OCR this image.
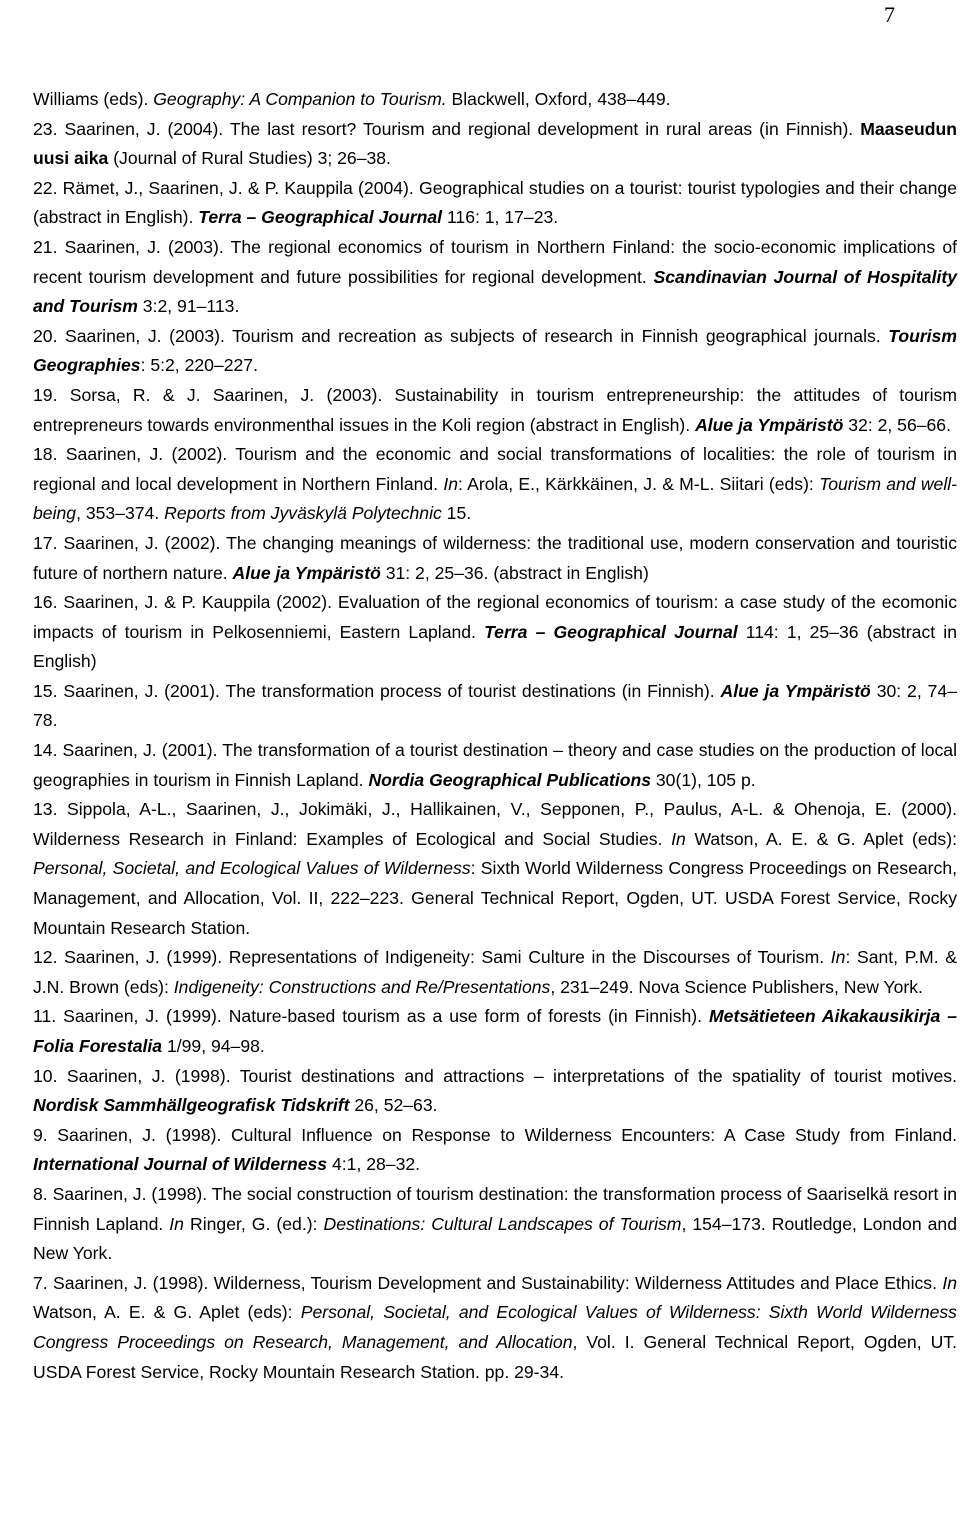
7

Williams (eds). Geography: A Companion to Tourism. Blackwell, Oxford, 438–449.

23. Saarinen, J. (2004). The last resort? Tourism and regional development in rural areas (in Finnish). Maaseudun uusi aika (Journal of Rural Studies) 3; 26–38.

22. Rämet, J., Saarinen, J. & P. Kauppila (2004). Geographical studies on a tourist: tourist typologies and their change (abstract in English). Terra – Geographical Journal 116: 1, 17–23.

21. Saarinen, J. (2003). The regional economics of tourism in Northern Finland: the socio-economic implications of recent tourism development and future possibilities for regional development. Scandinavian Journal of Hospitality and Tourism 3:2, 91–113.

20. Saarinen, J. (2003). Tourism and recreation as subjects of research in Finnish geographical journals. Tourism Geographies: 5:2, 220–227.

19. Sorsa, R. & J. Saarinen, J. (2003). Sustainability in tourism entrepreneurship: the attitudes of tourism entrepreneurs towards environmenthal issues in the Koli region (abstract in English). Alue ja Ympäristö 32: 2, 56–66.

18. Saarinen, J. (2002). Tourism and the economic and social transformations of localities: the role of tourism in regional and local development in Northern Finland. In: Arola, E., Kärkkäinen, J. & M-L. Siitari (eds): Tourism and well-being, 353–374. Reports from Jyväskylä Polytechnic 15.

17. Saarinen, J. (2002). The changing meanings of wilderness: the traditional use, modern conservation and touristic future of northern nature. Alue ja Ympäristö 31: 2, 25–36. (abstract in English)

16. Saarinen, J. & P. Kauppila (2002). Evaluation of the regional economics of tourism: a case study of the ecomonic impacts of tourism in Pelkosenniemi, Eastern Lapland. Terra – Geographical Journal 114: 1, 25–36 (abstract in English)

15. Saarinen, J. (2001). The transformation process of tourist destinations (in Finnish). Alue ja Ympäristö 30: 2, 74–78.

14. Saarinen, J. (2001). The transformation of a tourist destination – theory and case studies on the production of local geographies in tourism in Finnish Lapland. Nordia Geographical Publications 30(1), 105 p.

13. Sippola, A-L., Saarinen, J., Jokimäki, J., Hallikainen, V., Sepponen, P., Paulus, A-L. & Ohenoja, E. (2000). Wilderness Research in Finland: Examples of Ecological and Social Studies. In Watson, A. E. & G. Aplet (eds): Personal, Societal, and Ecological Values of Wilderness: Sixth World Wilderness Congress Proceedings on Research, Management, and Allocation, Vol. II, 222–223. General Technical Report, Ogden, UT. USDA Forest Service, Rocky Mountain Research Station.

12. Saarinen, J. (1999). Representations of Indigeneity: Sami Culture in the Discourses of Tourism. In: Sant, P.M. & J.N. Brown (eds): Indigeneity: Constructions and Re/Presentations, 231–249. Nova Science Publishers, New York.

11. Saarinen, J. (1999). Nature-based tourism as a use form of forests (in Finnish). Metsätieteen Aikakausikirja – Folia Forestalia 1/99, 94–98.

10. Saarinen, J. (1998). Tourist destinations and attractions – interpretations of the spatiality of tourist motives. Nordisk Sammhällgeografisk Tidskrift 26, 52–63.

9. Saarinen, J. (1998). Cultural Influence on Response to Wilderness Encounters: A Case Study from Finland. International Journal of Wilderness 4:1, 28–32.

8. Saarinen, J. (1998). The social construction of tourism destination: the transformation process of Saariselkä resort in Finnish Lapland. In Ringer, G. (ed.): Destinations: Cultural Landscapes of Tourism, 154–173. Routledge, London and New York.

7. Saarinen, J. (1998). Wilderness, Tourism Development and Sustainability: Wilderness Attitudes and Place Ethics. In Watson, A. E. & G. Aplet (eds): Personal, Societal, and Ecological Values of Wilderness: Sixth World Wilderness Congress Proceedings on Research, Management, and Allocation, Vol. I. General Technical Report, Ogden, UT. USDA Forest Service, Rocky Mountain Research Station. pp. 29-34.
